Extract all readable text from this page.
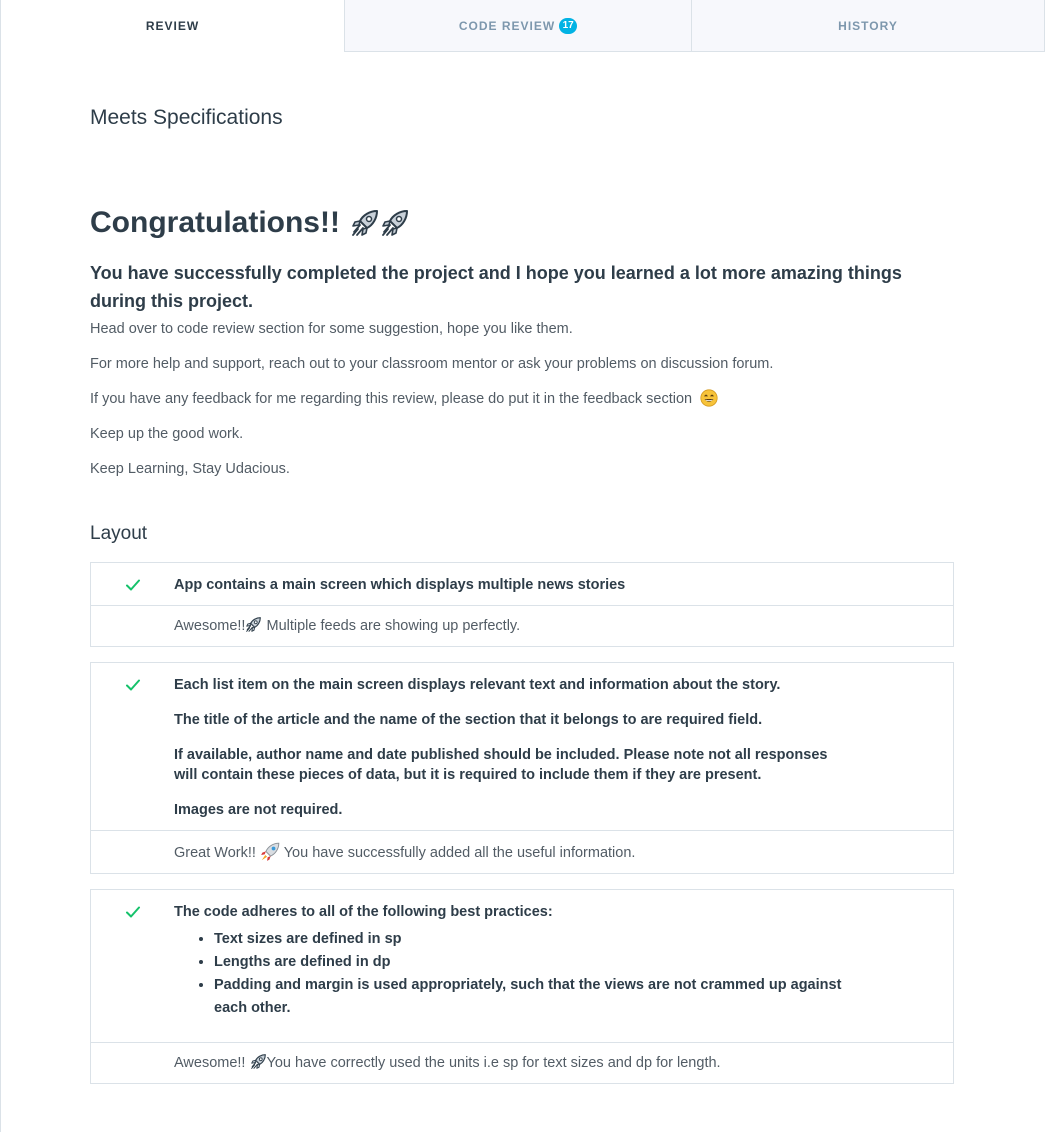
REVIEW	CODE REVIEW 17	HISTORY
Meets Specifications
Congratulations!!
You have successfully completed the project and I hope you learned a lot more amazing things during this project.

Head over to code review section for some suggestion, hope you like them.

For more help and support, reach out to your classroom mentor or ask your problems on discussion forum.

If you have any feedback for me regarding this review, please do put it in the feedback section

Keep up the good work.

Keep Learning, Stay Udacious.

Layout

App contains a main screen which displays multiple news stories

Awesome!! Multiple feeds are showing up perfectly.

Each list item on the main screen displays relevant text and information about the story.

The title of the article and the name of the section that it belongs to are required field.

If available, author name and date published should be included. Please note not all responses will contain these pieces of data, but it is required to include them if they are present.

Images are not required.

Great Work!!  You have successfully added all the useful information.

The code adheres to all of the following best practices:

• Text sizes are defined in sp
• Lengths are defined in dp
• Padding and margin is used appropriately, such that the views are not crammed up against each other.
Awesome!! You have correctly used the units i.e sp for text sizes and dp for length.
